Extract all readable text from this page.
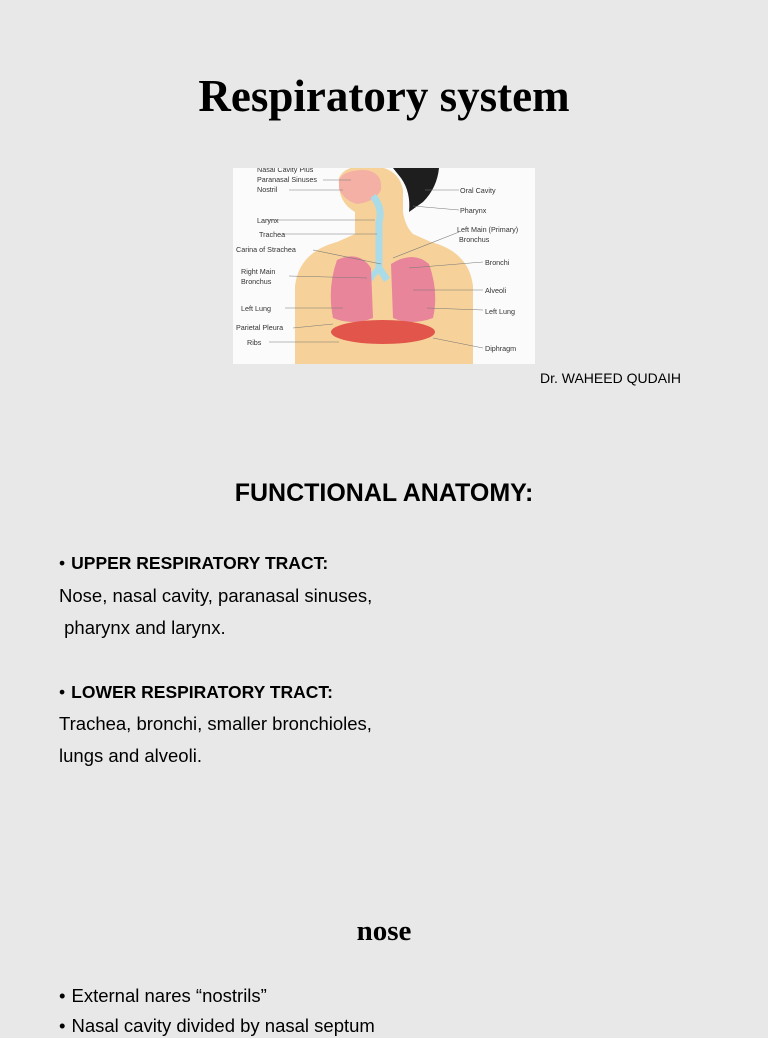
Respiratory system
Nasal Cavity Plus
Paranasal Sinuses
Nostril
Larynx
Trachea
Carina of Strachea
Right Main
Bronchus
Left Lung
Parietal Pleura
Ribs
Oral Cavity
Pharynx
Left Main (Primary)
Bronchus
Bronchi
Alveoli
Left Lung
Diphragm
Dr. WAHEED QUDAIH
FUNCTIONAL ANATOMY:
• UPPER RESPIRATORY TRACT:
Nose, nasal cavity, paranasal sinuses,
pharynx and larynx.
• LOWER RESPIRATORY TRACT:
Trachea, bronchi, smaller bronchioles,
lungs and alveoli.
nose
• External nares “nostrils”
• Nasal cavity divided by nasal septum
